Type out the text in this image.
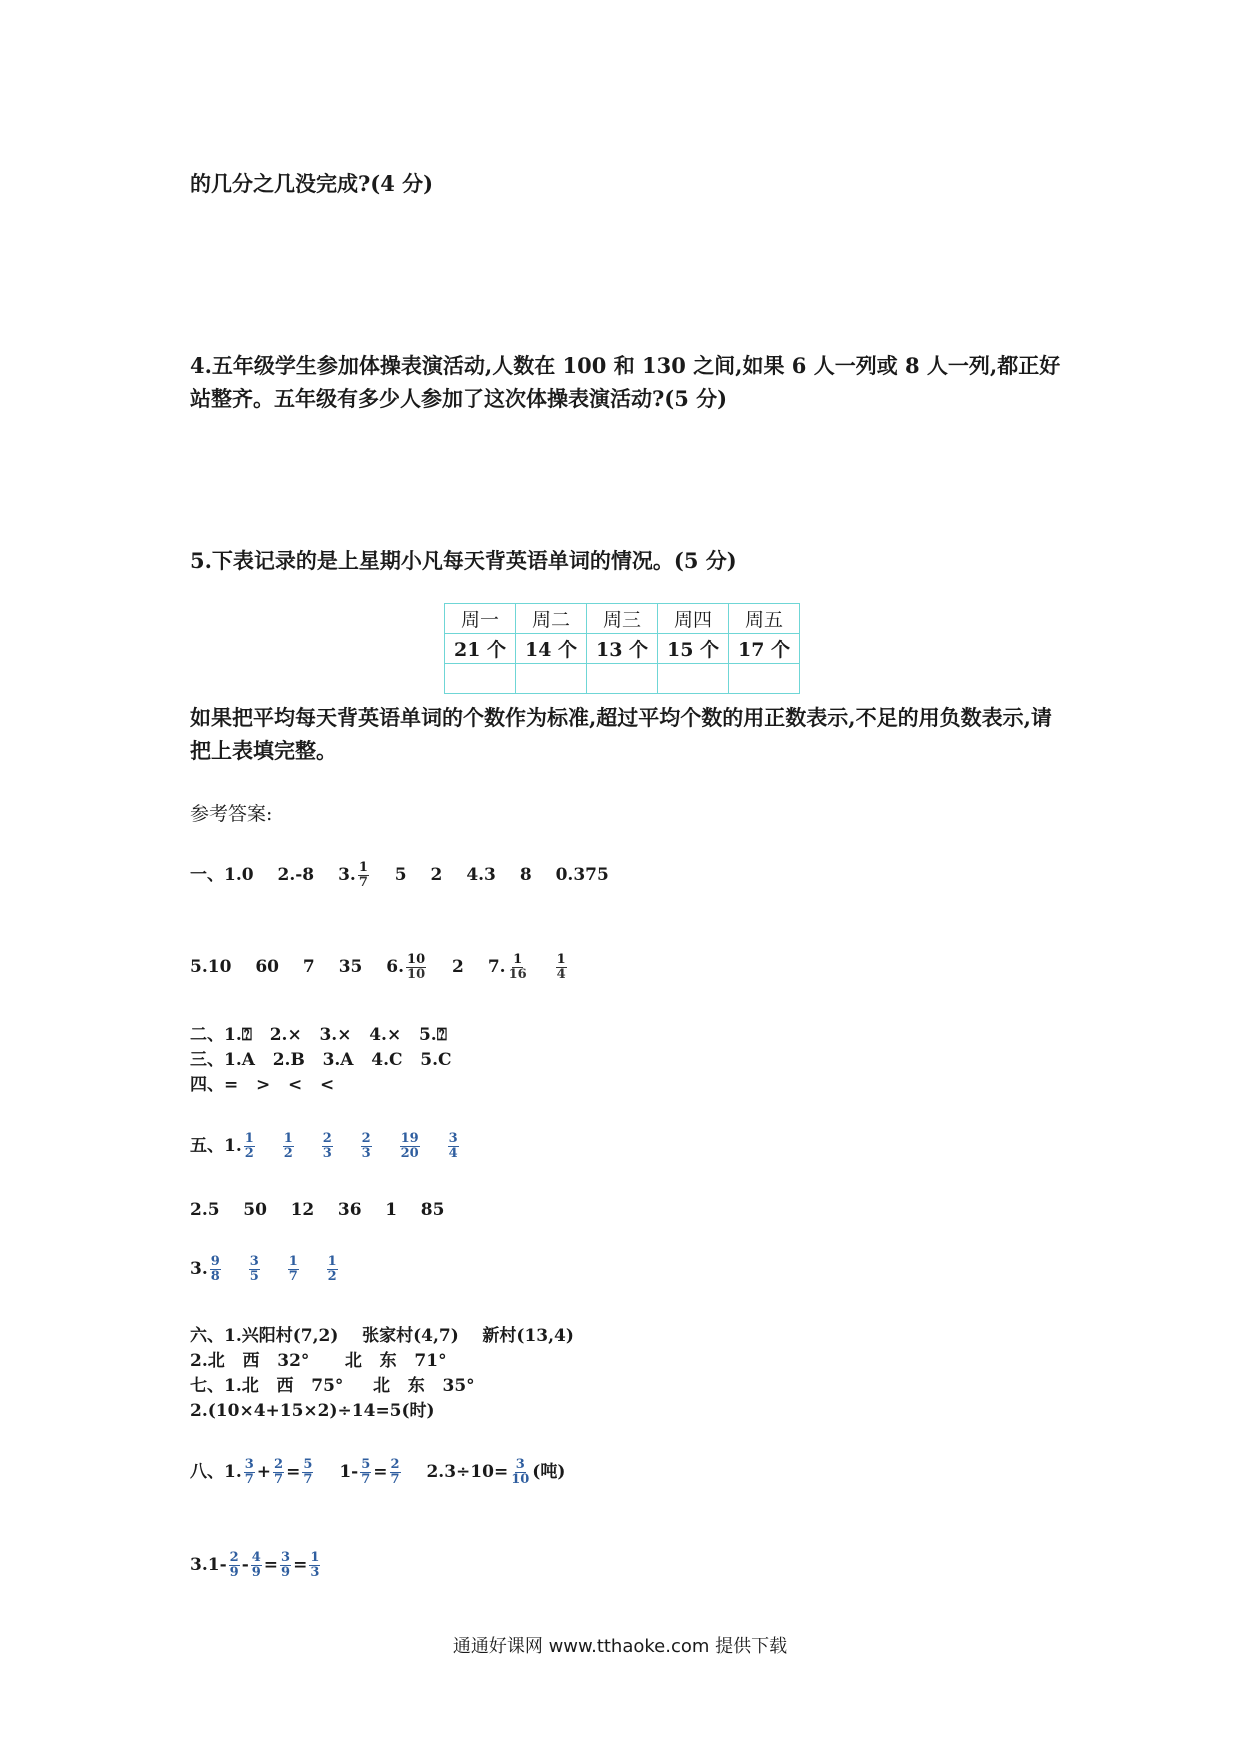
的几分之几没完成?(4 分)
4.五年级学生参加体操表演活动,人数在 100 和 130 之间,如果 6 人一列或 8 人一列,都正好站整齐。五年级有多少人参加了这次体操表演活动?(5 分)
5.下表记录的是上星期小凡每天背英语单词的情况。(5 分)
周一	周二	周三	周四	周五
21 个	14 个	13 个	15 个	17 个

如果把平均每天背英语单词的个数作为标准,超过平均个数的用正数表示,不足的用负数表示,请把上表填完整。
参考答案:
一、1.0 2.-8 3. $\frac{1}{7} 5$ 2 4.3 8 0.375
5.10 60 7 35 6. $\frac{10}{10} 2$ 7. $\frac{1}{16}$
$\frac{1}{4}$
二、1.⍰   2.×   3.×   4.×   5.⍰
三、1.A   2.B   3.A   4.C   5.C
四、=   >   <   <
五、1. $\frac{1}{2}$
$\frac{1}{2}$
$\frac{2}{3}$
$\frac{2}{3}$
$\frac{19}{20}$
$\frac{3}{4}$
2.5    50    12    36    1    85
3. $\frac{9}{8}$
$\frac{3}{5}$
$\frac{1}{7}$
$\frac{1}{2}$
六、1.兴阳村(7,2)    张家村(4,7)    新村(13,4)
2.北   西   32°      北   东   71°
七、1.北   西   75°     北   东   35°
2.(10×4+15×2)÷14=5(时)
八、1. $\frac{3}{7} + \frac{2}{7} = \frac{5}{7} 1- \frac{5}{7} = \frac{2}{7} 2.3\div 10= \frac{3}{10}$ (吨)
$3.1- \frac{2}{9} - \frac{4}{9} = \frac{3}{9} = \frac{1}{3}$
通通好课网 www.tthaoke.com 提供下载
